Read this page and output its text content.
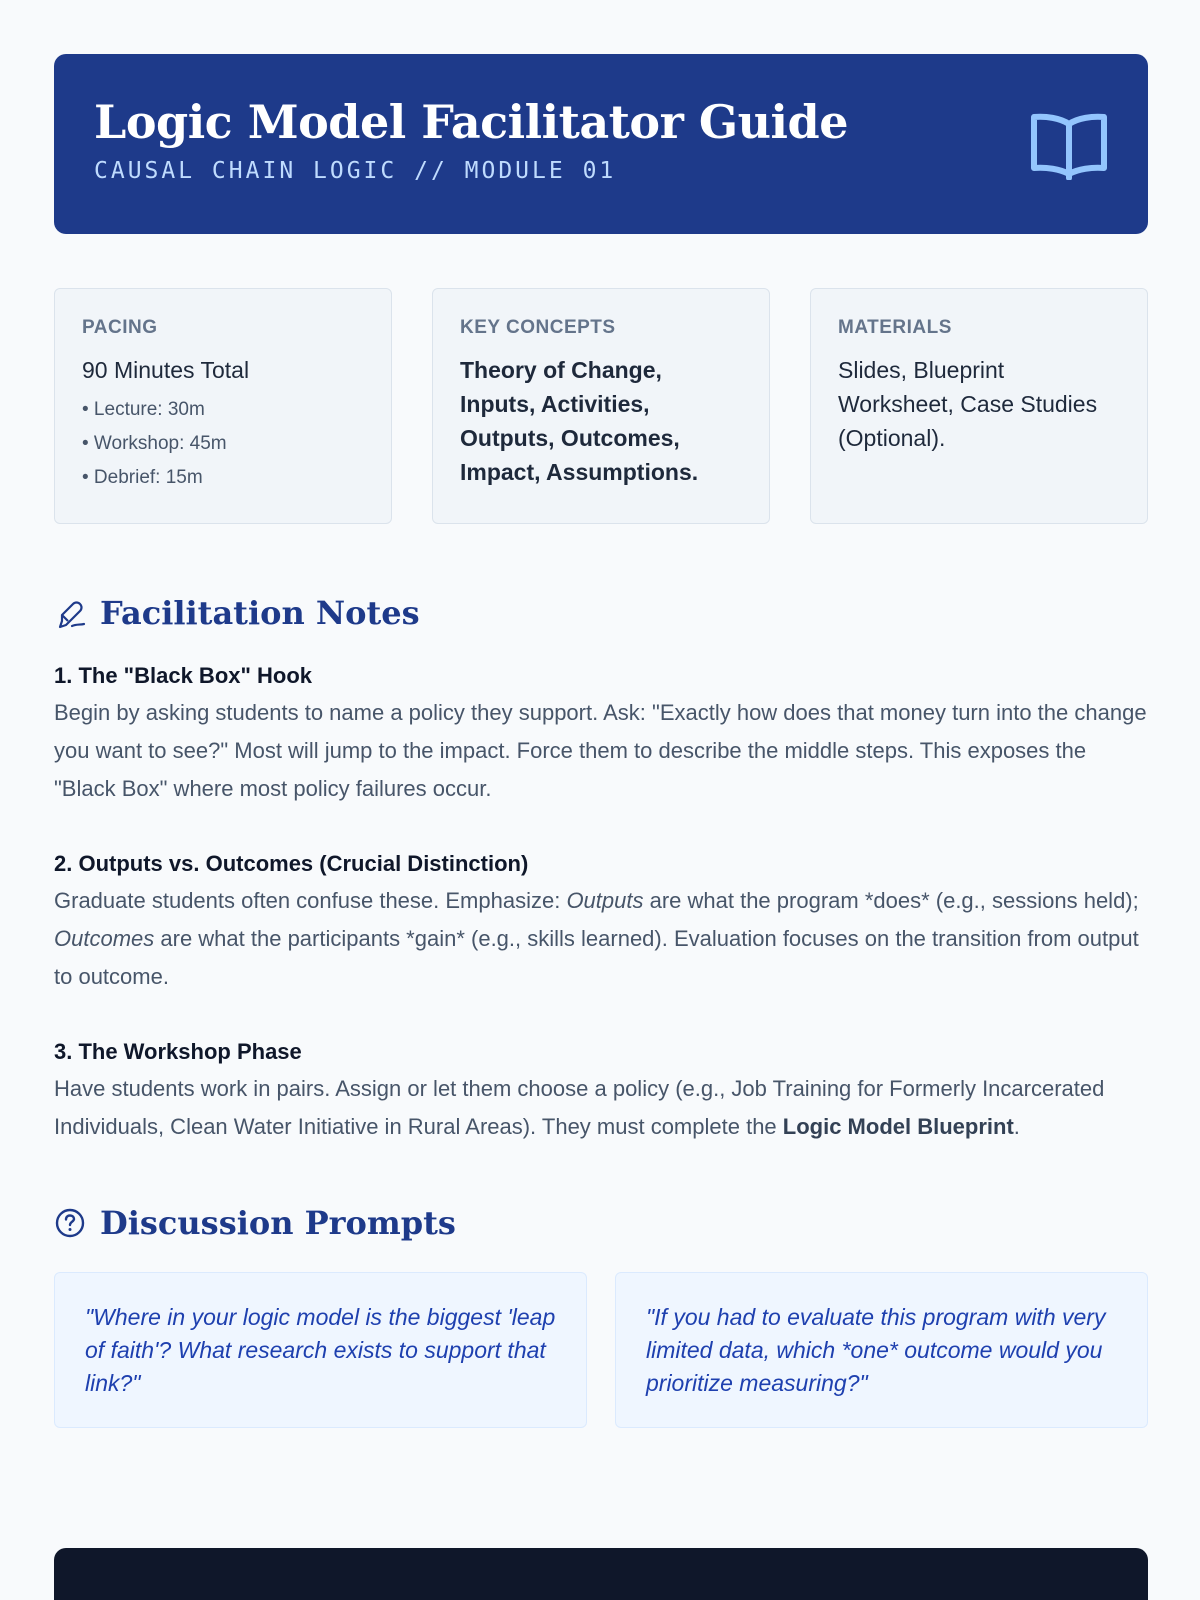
Logic Model Facilitator Guide
CAUSAL CHAIN LOGIC // MODULE 01
PACING
90 Minutes Total
• Lecture: 30m
• Workshop: 45m
• Debrief: 15m
KEY CONCEPTS
Theory of Change, Inputs, Activities, Outputs, Outcomes, Impact, Assumptions.
MATERIALS
Slides, Blueprint Worksheet, Case Studies (Optional).
Facilitation Notes
1. The "Black Box" Hook

Begin by asking students to name a policy they support. Ask: "Exactly how does that money turn into the change you want to see?" Most will jump to the impact. Force them to describe the middle steps. This exposes the "Black Box" where most policy failures occur.

2. Outputs vs. Outcomes (Crucial Distinction)

Graduate students often confuse these. Emphasize: Outputs are what the program *does* (e.g., sessions held); Outcomes are what the participants *gain* (e.g., skills learned). Evaluation focuses on the transition from output to outcome.

3. The Workshop Phase

Have students work in pairs. Assign or let them choose a policy (e.g., Job Training for Formerly Incarcerated Individuals, Clean Water Initiative in Rural Areas). They must complete the Logic Model Blueprint.

Discussion Prompts
"Where in your logic model is the biggest 'leap of faith'? What research exists to support that link?"
"If you had to evaluate this program with very limited data, which *one* outcome would you prioritize measuring?"
